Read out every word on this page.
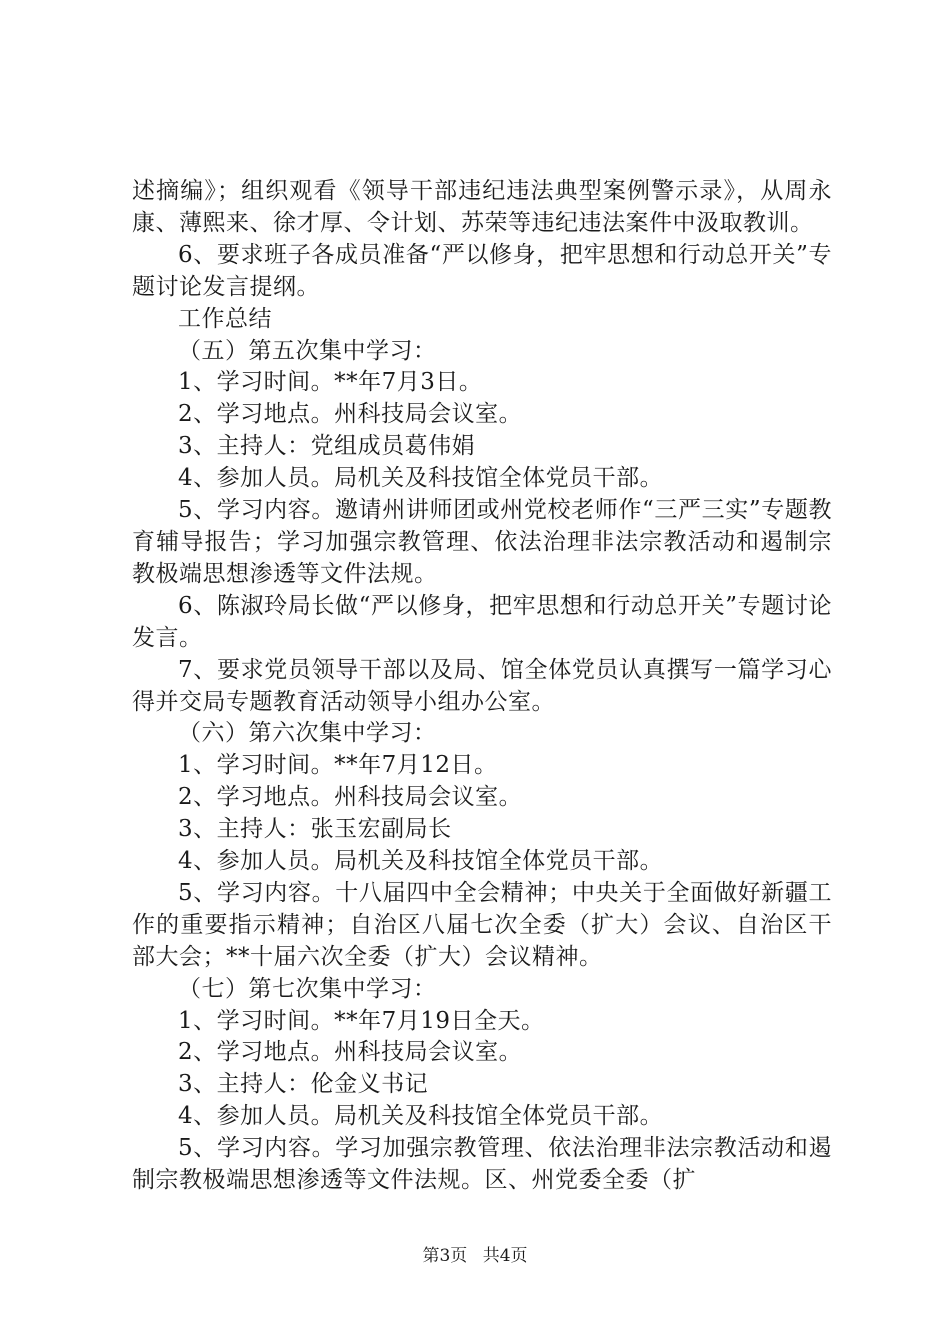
述摘编》；组织观看《领导干部违纪违法典型案例警示录》，从周永康、薄熙来、徐才厚、令计划、苏荣等违纪违法案件中汲取教训。

6、要求班子各成员准备“严以修身，把牢思想和行动总开关”专题讨论发言提纲。

工作总结

（五）第五次集中学习：

1、学习时间。**年7月3日。

2、学习地点。州科技局会议室。

3、主持人：党组成员葛伟娟

4、参加人员。局机关及科技馆全体党员干部。

5、学习内容。邀请州讲师团或州党校老师作“三严三实”专题教育辅导报告；学习加强宗教管理、依法治理非法宗教活动和遏制宗教极端思想渗透等文件法规。

6、陈淑玲局长做“严以修身，把牢思想和行动总开关”专题讨论发言。

7、要求党员领导干部以及局、馆全体党员认真撰写一篇学习心得并交局专题教育活动领导小组办公室。

（六）第六次集中学习：

1、学习时间。**年7月12日。

2、学习地点。州科技局会议室。

3、主持人：张玉宏副局长

4、参加人员。局机关及科技馆全体党员干部。

5、学习内容。十八届四中全会精神；中央关于全面做好新疆工作的重要指示精神；自治区八届七次全委（扩大）会议、自治区干部大会；**十届六次全委（扩大）会议精神。

（七）第七次集中学习：

1、学习时间。**年7月19日全天。

2、学习地点。州科技局会议室。

3、主持人：伦金义书记

4、参加人员。局机关及科技馆全体党员干部。

5、学习内容。学习加强宗教管理、依法治理非法宗教活动和遏制宗教极端思想渗透等文件法规。区、州党委全委（扩

第3页 共4页
